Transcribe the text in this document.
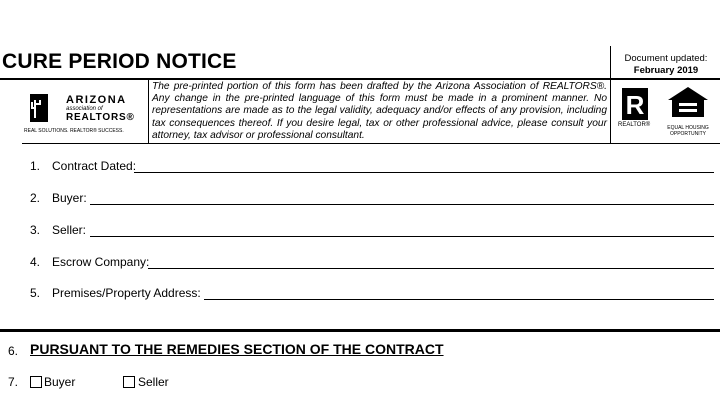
CURE PERIOD NOTICE	Document updated:
February 2019
ARIZONA
association of
REALTORS®
REAL SOLUTIONS. REALTOR® SUCCESS.
The pre-printed portion of this form has been drafted by the Arizona Association of REALTORS®. Any change in the pre-printed language of this form must be made in a prominent manner. No representations are made as to the legal validity, adequacy and/or effects of any provision, including tax consequences thereof. If you desire legal, tax or other professional advice, please consult your attorney, tax advisor or professional consultant.
R
REALTOR®	EQUAL HOUSING OPPORTUNITY
1. Contract Dated:
2. Buyer:
3. Seller:
4. Escrow Company:
5. Premises/Property Address:
6. PURSUANT TO THE REMEDIES SECTION OF THE CONTRACT
7. Buyer	Seller
